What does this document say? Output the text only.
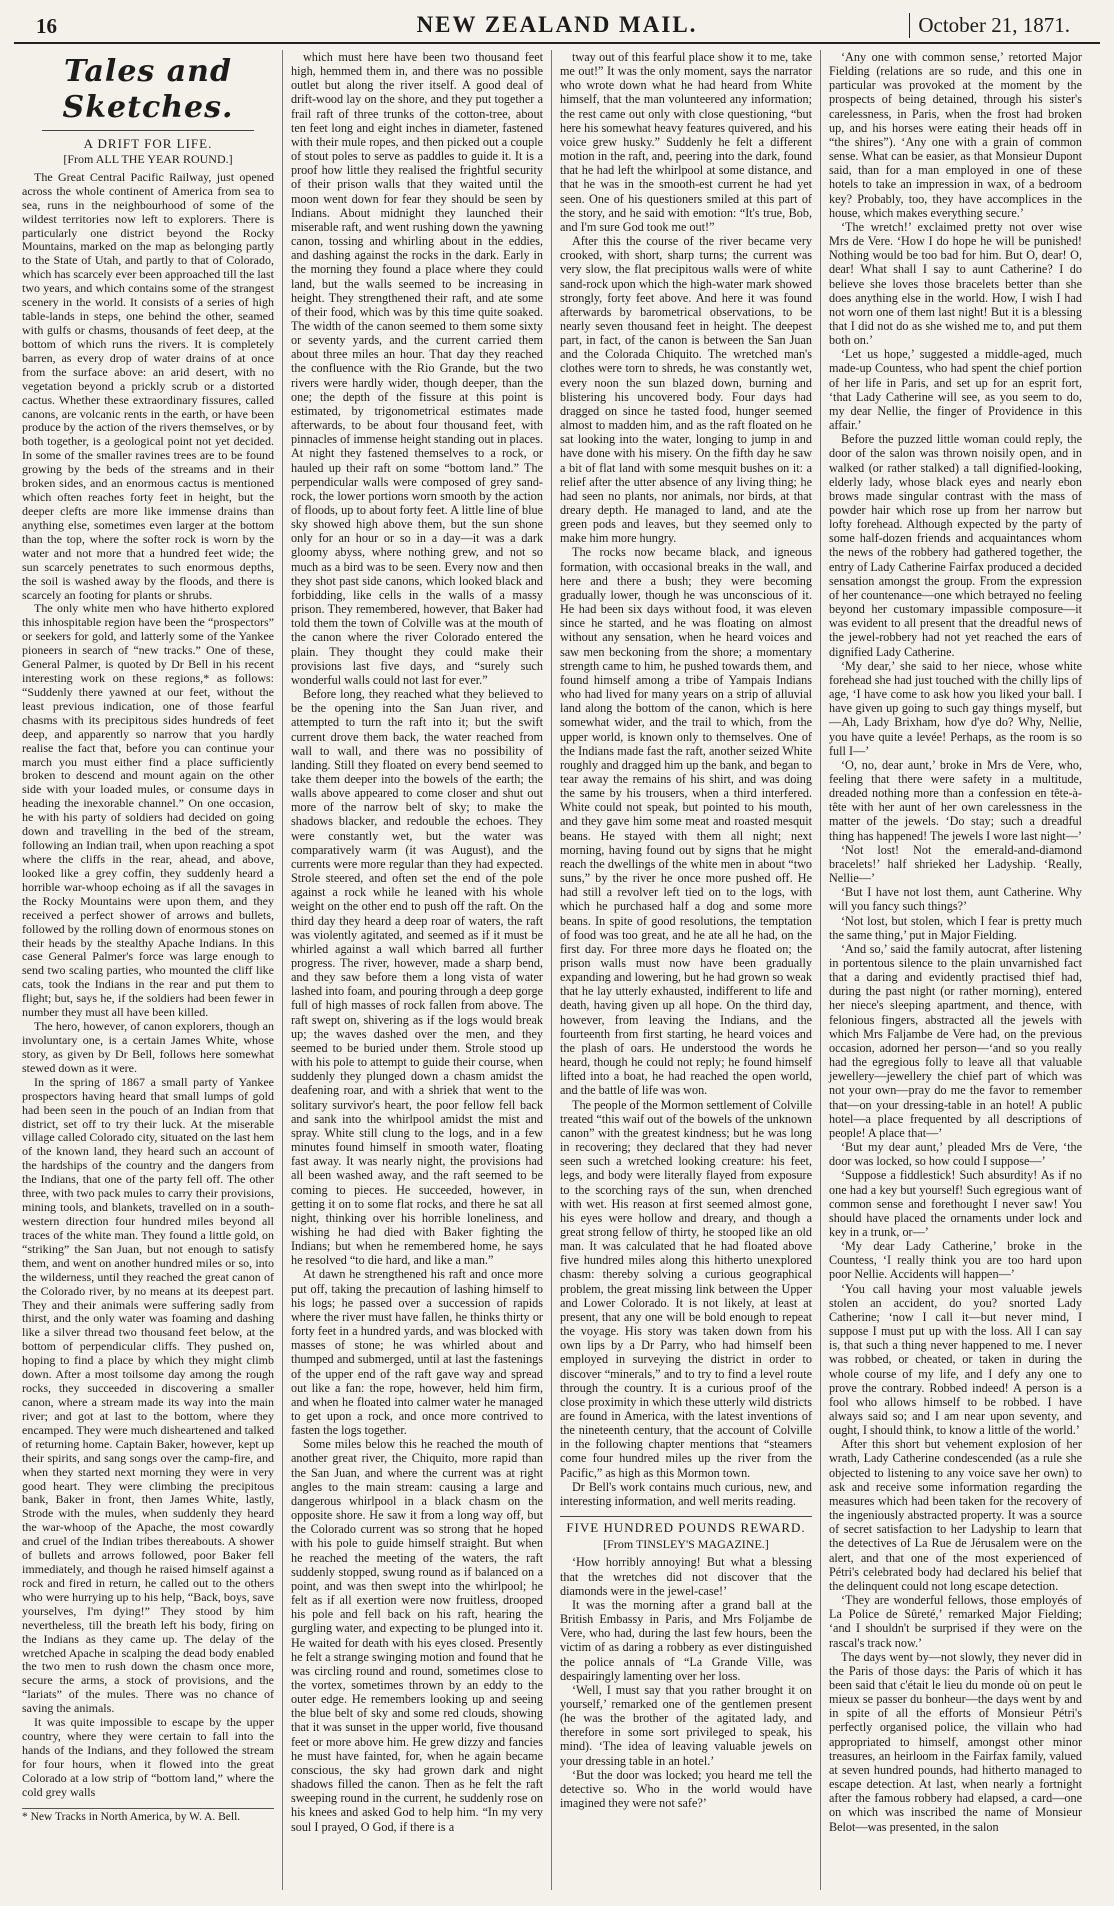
16	NEW ZEALAND MAIL.	October 21, 1871.
Tales and Sketches.
A DRIFT FOR LIFE.
[From ALL THE YEAR ROUND.]

The Great Central Pacific Railway, just opened across the whole continent of America from sea to sea, runs in the neighbourhood of some of the wildest territories now left to explorers. There is particularly one district beyond the Rocky Mountains, marked on the map as belonging partly to the State of Utah, and partly to that of Colorado, which has scarcely ever been approached till the last two years, and which contains some of the strangest scenery in the world. It consists of a series of high table-lands in steps, one behind the other, seamed with gulfs or chasms, thousands of feet deep, at the bottom of which runs the rivers. It is completely barren, as every drop of water drains of at once from the surface above: an arid desert, with no vegetation beyond a prickly scrub or a distorted cactus. Whether these extraordinary fissures, called canons, are volcanic rents in the earth, or have been produce by the action of the rivers themselves, or by both together, is a geological point not yet decided. In some of the smaller ravines trees are to be found growing by the beds of the streams and in their broken sides, and an enormous cactus is mentioned which often reaches forty feet in height, but the deeper clefts are more like immense drains than anything else, sometimes even larger at the bottom than the top, where the softer rock is worn by the water and not more that a hundred feet wide; the sun scarcely penetrates to such enormous depths, the soil is washed away by the floods, and there is scarcely an footing for plants or shrubs.

The only white men who have hitherto explored this inhospitable region have been the “prospectors” or seekers for gold, and latterly some of the Yankee pioneers in search of “new tracks.” One of these, General Palmer, is quoted by Dr Bell in his recent interesting work on these regions,* as follows: “Suddenly there yawned at our feet, without the least previous indication, one of those fearful chasms with its precipitous sides hundreds of feet deep, and apparently so narrow that you hardly realise the fact that, before you can continue your march you must either find a place sufficiently broken to descend and mount again on the other side with your loaded mules, or consume days in heading the inexorable channel.” On one occasion, he with his party of soldiers had decided on going down and travelling in the bed of the stream, following an Indian trail, when upon reaching a spot where the cliffs in the rear, ahead, and above, looked like a grey coffin, they suddenly heard a horrible war-whoop echoing as if all the savages in the Rocky Mountains were upon them, and they received a perfect shower of arrows and bullets, followed by the rolling down of enormous stones on their heads by the stealthy Apache Indians. In this case General Palmer's force was large enough to send two scaling parties, who mounted the cliff like cats, took the Indians in the rear and put them to flight; but, says he, if the soldiers had been fewer in number they must all have been killed.

The hero, however, of canon explorers, though an involuntary one, is a certain James White, whose story, as given by Dr Bell, follows here somewhat stewed down as it were.

In the spring of 1867 a small party of Yankee prospectors having heard that small lumps of gold had been seen in the pouch of an Indian from that district, set off to try their luck. At the miserable village called Colorado city, situated on the last hem of the known land, they heard such an account of the hardships of the country and the dangers from the Indians, that one of the party fell off. The other three, with two pack mules to carry their provisions, mining tools, and blankets, travelled on in a south-western direction four hundred miles beyond all traces of the white man. They found a little gold, on “striking” the San Juan, but not enough to satisfy them, and went on another hundred miles or so, into the wilderness, until they reached the great canon of the Colorado river, by no means at its deepest part. They and their animals were suffering sadly from thirst, and the only water was foaming and dashing like a silver thread two thousand feet below, at the bottom of perpendicular cliffs. They pushed on, hoping to find a place by which they might climb down. After a most toilsome day among the rough rocks, they succeeded in discovering a smaller canon, where a stream made its way into the main river; and got at last to the bottom, where they encamped. They were much disheartened and talked of returning home. Captain Baker, however, kept up their spirits, and sang songs over the camp-fire, and when they started next morning they were in very good heart. They were climbing the precipitous bank, Baker in front, then James White, lastly, Strode with the mules, when suddenly they heard the war-whoop of the Apache, the most cowardly and cruel of the Indian tribes thereabouts. A shower of bullets and arrows followed, poor Baker fell immediately, and though he raised himself against a rock and fired in return, he called out to the others who were hurrying up to his help, “Back, boys, save yourselves, I'm dying!” They stood by him nevertheless, till the breath left his body, firing on the Indians as they came up. The delay of the wretched Apache in scalping the dead body enabled the two men to rush down the chasm once more, secure the arms, a stock of provisions, and the “lariats” of the mules. There was no chance of saving the animals.

It was quite impossible to escape by the upper country, where they were certain to fall into the hands of the Indians, and they followed the stream for four hours, when it flowed into the great Colorado at a low strip of “bottom land,” where the cold grey walls

* New Tracks in North America, by W. A. Bell.

which must here have been two thousand feet high, hemmed them in, and there was no possible outlet but along the river itself. A good deal of drift-wood lay on the shore, and they put together a frail raft of three trunks of the cotton-tree, about ten feet long and eight inches in diameter, fastened with their mule ropes, and then picked out a couple of stout poles to serve as paddles to guide it. It is a proof how little they realised the frightful security of their prison walls that they waited until the moon went down for fear they should be seen by Indians. About midnight they launched their miserable raft, and went rushing down the yawning canon, tossing and whirling about in the eddies, and dashing against the rocks in the dark. Early in the morning they found a place where they could land, but the walls seemed to be increasing in height. They strengthened their raft, and ate some of their food, which was by this time quite soaked. The width of the canon seemed to them some sixty or seventy yards, and the current carried them about three miles an hour. That day they reached the confluence with the Rio Grande, but the two rivers were hardly wider, though deeper, than the one; the depth of the fissure at this point is estimated, by trigonometrical estimates made afterwards, to be about four thousand feet, with pinnacles of immense height standing out in places. At night they fastened themselves to a rock, or hauled up their raft on some “bottom land.” The perpendicular walls were composed of grey sand-rock, the lower portions worn smooth by the action of floods, up to about forty feet. A little line of blue sky showed high above them, but the sun shone only for an hour or so in a day—it was a dark gloomy abyss, where nothing grew, and not so much as a bird was to be seen. Every now and then they shot past side canons, which looked black and forbidding, like cells in the walls of a massy prison. They remembered, however, that Baker had told them the town of Colville was at the mouth of the canon where the river Colorado entered the plain. They thought they could make their provisions last five days, and “surely such wonderful walls could not last for ever.”

Before long, they reached what they believed to be the opening into the San Juan river, and attempted to turn the raft into it; but the swift current drove them back, the water reached from wall to wall, and there was no possibility of landing. Still they floated on every bend seemed to take them deeper into the bowels of the earth; the walls above appeared to come closer and shut out more of the narrow belt of sky; to make the shadows blacker, and redouble the echoes. They were constantly wet, but the water was comparatively warm (it was August), and the currents were more regular than they had expected. Strole steered, and often set the end of the pole against a rock while he leaned with his whole weight on the other end to push off the raft. On the third day they heard a deep roar of waters, the raft was violently agitated, and seemed as if it must be whirled against a wall which barred all further progress. The river, however, made a sharp bend, and they saw before them a long vista of water lashed into foam, and pouring through a deep gorge full of high masses of rock fallen from above. The raft swept on, shivering as if the logs would break up; the waves dashed over the men, and they seemed to be buried under them. Strole stood up with his pole to attempt to guide their course, when suddenly they plunged down a chasm amidst the deafening roar, and with a shriek that went to the solitary survivor's heart, the poor fellow fell back and sank into the whirlpool amidst the mist and spray. White still clung to the logs, and in a few minutes found himself in smooth water, floating fast away. It was nearly night, the provisions had all been washed away, and the raft seemed to be coming to pieces. He succeeded, however, in getting it on to some flat rocks, and there he sat all night, thinking over his horrible loneliness, and wishing he had died with Baker fighting the Indians; but when he remembered home, he says he resolved “to die hard, and like a man.”

At dawn he strengthened his raft and once more put off, taking the precaution of lashing himself to his logs; he passed over a succession of rapids where the river must have fallen, he thinks thirty or forty feet in a hundred yards, and was blocked with masses of stone; he was whirled about and thumped and submerged, until at last the fastenings of the upper end of the raft gave way and spread out like a fan: the rope, however, held him firm, and when he floated into calmer water he managed to get upon a rock, and once more contrived to fasten the logs together.

Some miles below this he reached the mouth of another great river, the Chiquito, more rapid than the San Juan, and where the current was at right angles to the main stream: causing a large and dangerous whirlpool in a black chasm on the opposite shore. He saw it from a long way off, but the Colorado current was so strong that he hoped with his pole to guide himself straight. But when he reached the meeting of the waters, the raft suddenly stopped, swung round as if balanced on a point, and was then swept into the whirlpool; he felt as if all exertion were now fruitless, drooped his pole and fell back on his raft, hearing the gurgling water, and expecting to be plunged into it. He waited for death with his eyes closed. Presently he felt a strange swinging motion and found that he was circling round and round, sometimes close to the vortex, sometimes thrown by an eddy to the outer edge. He remembers looking up and seeing the blue belt of sky and some red clouds, showing that it was sunset in the upper world, five thousand feet or more above him. He grew dizzy and fancies he must have fainted, for, when he again became conscious, the sky had grown dark and night shadows filled the canon. Then as he felt the raft sweeping round in the current, he suddenly rose on his knees and asked God to help him. “In my very soul I prayed, O God, if there is a

tway out of this fearful place show it to me, take me out!” It was the only moment, says the narrator who wrote down what he had heard from White himself, that the man volunteered any information; the rest came out only with close questioning, “but here his somewhat heavy features quivered, and his voice grew husky.” Suddenly he felt a different motion in the raft, and, peering into the dark, found that he had left the whirlpool at some distance, and that he was in the smooth-est current he had yet seen. One of his questioners smiled at this part of the story, and he said with emotion: “It's true, Bob, and I'm sure God took me out!”

After this the course of the river became very crooked, with short, sharp turns; the current was very slow, the flat precipitous walls were of white sand-rock upon which the high-water mark showed strongly, forty feet above. And here it was found afterwards by barometrical observations, to be nearly seven thousand feet in height. The deepest part, in fact, of the canon is between the San Juan and the Colorada Chiquito. The wretched man's clothes were torn to shreds, he was constantly wet, every noon the sun blazed down, burning and blistering his uncovered body. Four days had dragged on since he tasted food, hunger seemed almost to madden him, and as the raft floated on he sat looking into the water, longing to jump in and have done with his misery. On the fifth day he saw a bit of flat land with some mesquit bushes on it: a relief after the utter absence of any living thing; he had seen no plants, nor animals, nor birds, at that dreary depth. He managed to land, and ate the green pods and leaves, but they seemed only to make him more hungry.

The rocks now became black, and igneous formation, with occasional breaks in the wall, and here and there a bush; they were becoming gradually lower, though he was unconscious of it. He had been six days without food, it was eleven since he started, and he was floating on almost without any sensation, when he heard voices and saw men beckoning from the shore; a momentary strength came to him, he pushed towards them, and found himself among a tribe of Yampais Indians who had lived for many years on a strip of alluvial land along the bottom of the canon, which is here somewhat wider, and the trail to which, from the upper world, is known only to themselves. One of the Indians made fast the raft, another seized White roughly and dragged him up the bank, and began to tear away the remains of his shirt, and was doing the same by his trousers, when a third interfered. White could not speak, but pointed to his mouth, and they gave him some meat and roasted mesquit beans. He stayed with them all night; next morning, having found out by signs that he might reach the dwellings of the white men in about “two suns,” by the river he once more pushed off. He had still a revolver left tied on to the logs, with which he purchased half a dog and some more beans. In spite of good resolutions, the temptation of food was too great, and he ate all he had, on the first day. For three more days he floated on; the prison walls must now have been gradually expanding and lowering, but he had grown so weak that he lay utterly exhausted, indifferent to life and death, having given up all hope. On the third day, however, from leaving the Indians, and the fourteenth from first starting, he heard voices and the plash of oars. He understood the words he heard, though he could not reply; he found himself lifted into a boat, he had reached the open world, and the battle of life was won.

The people of the Mormon settlement of Colville treated “this waif out of the bowels of the unknown canon” with the greatest kindness; but he was long in recovering; they declared that they had never seen such a wretched looking creature: his feet, legs, and body were literally flayed from exposure to the scorching rays of the sun, when drenched with wet. His reason at first seemed almost gone, his eyes were hollow and dreary, and though a great strong fellow of thirty, he stooped like an old man. It was calculated that he had floated above five hundred miles along this hitherto unexplored chasm: thereby solving a curious geographical problem, the great missing link between the Upper and Lower Colorado. It is not likely, at least at present, that any one will be bold enough to repeat the voyage. His story was taken down from his own lips by a Dr Parry, who had himself been employed in surveying the district in order to discover “minerals,” and to try to find a level route through the country. It is a curious proof of the close proximity in which these utterly wild districts are found in America, with the latest inventions of the nineteenth century, that the account of Colville in the following chapter mentions that “steamers come four hundred miles up the river from the Pacific,” as high as this Mormon town.

Dr Bell's work contains much curious, new, and interesting information, and well merits reading.

FIVE HUNDRED POUNDS REWARD.
[From TINSLEY'S MAGAZINE.]

‘How horribly annoying! But what a blessing that the wretches did not discover that the diamonds were in the jewel-case!’

It was the morning after a grand ball at the British Embassy in Paris, and Mrs Foljambe de Vere, who had, during the last few hours, been the victim of as daring a robbery as ever distinguished the police annals of “La Grande Ville, was despairingly lamenting over her loss.

‘Well, I must say that you rather brought it on yourself,’ remarked one of the gentlemen present (he was the brother of the agitated lady, and therefore in some sort privileged to speak, his mind). ‘The idea of leaving valuable jewels on your dressing table in an hotel.’

‘But the door was locked; you heard me tell the detective so. Who in the world would have imagined they were not safe?’

‘Any one with common sense,’ retorted Major Fielding (relations are so rude, and this one in particular was provoked at the moment by the prospects of being detained, through his sister's carelessness, in Paris, when the frost had broken up, and his horses were eating their heads off in “the shires”). ‘Any one with a grain of common sense. What can be easier, as that Monsieur Dupont said, than for a man employed in one of these hotels to take an impression in wax, of a bedroom key? Probably, too, they have accomplices in the house, which makes everything secure.’

‘The wretch!’ exclaimed pretty not over wise Mrs de Vere. ‘How I do hope he will be punished! Nothing would be too bad for him. But O, dear! O, dear! What shall I say to aunt Catherine? I do believe she loves those bracelets better than she does anything else in the world. How, I wish I had not worn one of them last night! But it is a blessing that I did not do as she wished me to, and put them both on.’

‘Let us hope,’ suggested a middle-aged, much made-up Countess, who had spent the chief portion of her life in Paris, and set up for an esprit fort, ‘that Lady Catherine will see, as you seem to do, my dear Nellie, the finger of Providence in this affair.’

Before the puzzed little woman could reply, the door of the salon was thrown noisily open, and in walked (or rather stalked) a tall dignified-looking, elderly lady, whose black eyes and nearly ebon brows made singular contrast with the mass of powder hair which rose up from her narrow but lofty forehead. Although expected by the party of some half-dozen friends and acquaintances whom the news of the robbery had gathered together, the entry of Lady Catherine Fairfax produced a decided sensation amongst the group. From the expression of her countenance—one which betrayed no feeling beyond her customary impassible composure—it was evident to all present that the dreadful news of the jewel-robbery had not yet reached the ears of dignified Lady Catherine.

‘My dear,’ she said to her niece, whose white forehead she had just touched with the chilly lips of age, ‘I have come to ask how you liked your ball. I have given up going to such gay things myself, but—Ah, Lady Brixham, how d'ye do? Why, Nellie, you have quite a levée! Perhaps, as the room is so full I—’

‘O, no, dear aunt,’ broke in Mrs de Vere, who, feeling that there were safety in a multitude, dreaded nothing more than a confession en tête-à-tête with her aunt of her own carelessness in the matter of the jewels. ‘Do stay; such a dreadful thing has happened! The jewels I wore last night—’

‘Not lost! Not the emerald-and-diamond bracelets!’ half shrieked her Ladyship. ‘Really, Nellie—’

‘But I have not lost them, aunt Catherine. Why will you fancy such things?’

‘Not lost, but stolen, which I fear is pretty much the same thing,’ put in Major Fielding.

‘And so,’ said the family autocrat, after listening in portentous silence to the plain unvarnished fact that a daring and evidently practised thief had, during the past night (or rather morning), entered her niece's sleeping apartment, and thence, with felonious fingers, abstracted all the jewels with which Mrs Faljambe de Vere had, on the previous occasion, adorned her person—‘and so you really had the egregious folly to leave all that valuable jewellery—jewellery the chief part of which was not your own—pray do me the favor to remember that—on your dressing-table in an hotel! A public hotel—a place frequented by all descriptions of people! A place that—’

‘But my dear aunt,’ pleaded Mrs de Vere, ‘the door was locked, so how could I suppose—’

‘Suppose a fiddlestick! Such absurdity! As if no one had a key but yourself! Such egregious want of common sense and forethought I never saw! You should have placed the ornaments under lock and key in a trunk, or—’

‘My dear Lady Catherine,’ broke in the Countess, ‘I really think you are too hard upon poor Nellie. Accidents will happen—’

‘You call having your most valuable jewels stolen an accident, do you? snorted Lady Catherine; ‘now I call it—but never mind, I suppose I must put up with the loss. All I can say is, that such a thing never happened to me. I never was robbed, or cheated, or taken in during the whole course of my life, and I defy any one to prove the contrary. Robbed indeed! A person is a fool who allows himself to be robbed. I have always said so; and I am near upon seventy, and ought, I should think, to know a little of the world.’

After this short but vehement explosion of her wrath, Lady Catherine condescended (as a rule she objected to listening to any voice save her own) to ask and receive some information regarding the measures which had been taken for the recovery of the ingeniously abstracted property. It was a source of secret satisfaction to her Ladyship to learn that the detectives of La Rue de Jérusalem were on the alert, and that one of the most experienced of Pétri's celebrated body had declared his belief that the delinquent could not long escape detection.

‘They are wonderful fellows, those employés of La Police de Sûreté,’ remarked Major Fielding; ‘and I shouldn't be surprised if they were on the rascal's track now.’

The days went by—not slowly, they never did in the Paris of those days: the Paris of which it has been said that c'était le lieu du monde où on peut le mieux se passer du bonheur—the days went by and in spite of all the efforts of Monsieur Pétri's perfectly organised police, the villain who had appropriated to himself, amongst other minor treasures, an heirloom in the Fairfax family, valued at seven hundred pounds, had hitherto managed to escape detection. At last, when nearly a fortnight after the famous robbery had elapsed, a card—one on which was inscribed the name of Monsieur Belot—was presented, in the salon
